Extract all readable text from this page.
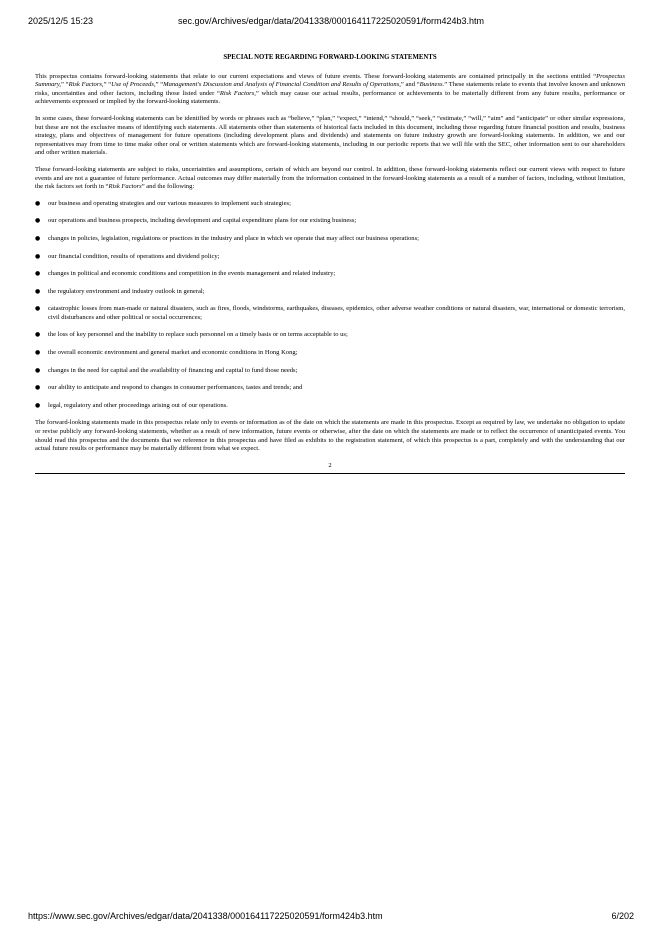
2025/12/5 15:23	sec.gov/Archives/edgar/data/2041338/000164117225020591/form424b3.htm
SPECIAL NOTE REGARDING FORWARD-LOOKING STATEMENTS

This prospectus contains forward-looking statements that relate to our current expectations and views of future events. These forward-looking statements are contained principally in the sections entitled “Prospectus Summary,” “Risk Factors,” “Use of Proceeds,” “Management's Discussion and Analysis of Financial Condition and Results of Operations,” and “Business.” These statements relate to events that involve known and unknown risks, uncertainties and other factors, including those listed under “Risk Factors,” which may cause our actual results, performance or achievements to be materially different from any future results, performance or achievements expressed or implied by the forward-looking statements.

In some cases, these forward-looking statements can be identified by words or phrases such as “believe,” “plan,” “expect,” “intend,” “should,” “seek,” “estimate,” “will,” “aim” and “anticipate” or other similar expressions, but these are not the exclusive means of identifying such statements. All statements other than statements of historical facts included in this document, including those regarding future financial position and results, business strategy, plans and objectives of management for future operations (including development plans and dividends) and statements on future industry growth are forward-looking statements. In addition, we and our representatives may from time to time make other oral or written statements which are forward-looking statements, including in our periodic reports that we will file with the SEC, other information sent to our shareholders and other written materials.

These forward-looking statements are subject to risks, uncertainties and assumptions, certain of which are beyond our control. In addition, these forward-looking statements reflect our current views with respect to future events and are not a guarantee of future performance. Actual outcomes may differ materially from the information contained in the forward-looking statements as a result of a number of factors, including, without limitation, the risk factors set forth in “Risk Factors” and the following:

● our business and operating strategies and our various measures to implement such strategies;
● our operations and business prospects, including development and capital expenditure plans for our existing business;
● changes in policies, legislation, regulations or practices in the industry and place in which we operate that may affect our business operations;
● our financial condition, results of operations and dividend policy;
● changes in political and economic conditions and competition in the events management and related industry;
● the regulatory environment and industry outlook in general;
● catastrophic losses from man-made or natural disasters, such as fires, floods, windstorms, earthquakes, diseases, epidemics, other adverse weather conditions or natural disasters, war, international or domestic terrorism, civil disturbances and other political or social occurrences;
● the loss of key personnel and the inability to replace such personnel on a timely basis or on terms acceptable to us;
● the overall economic environment and general market and economic conditions in Hong Kong;
● changes in the need for capital and the availability of financing and capital to fund those needs;
● our ability to anticipate and respond to changes in consumer performances, tastes and trends; and
● legal, regulatory and other proceedings arising out of our operations.

The forward-looking statements made in this prospectus relate only to events or information as of the date on which the statements are made in this prospectus. Except as required by law, we undertake no obligation to update or revise publicly any forward-looking statements, whether as a result of new information, future events or otherwise, after the date on which the statements are made or to reflect the occurrence of unanticipated events. You should read this prospectus and the documents that we reference in this prospectus and have filed as exhibits to the registration statement, of which this prospectus is a part, completely and with the understanding that our actual future results or performance may be materially different from what we expect.

2
https://www.sec.gov/Archives/edgar/data/2041338/000164117225020591/form424b3.htm	6/202
